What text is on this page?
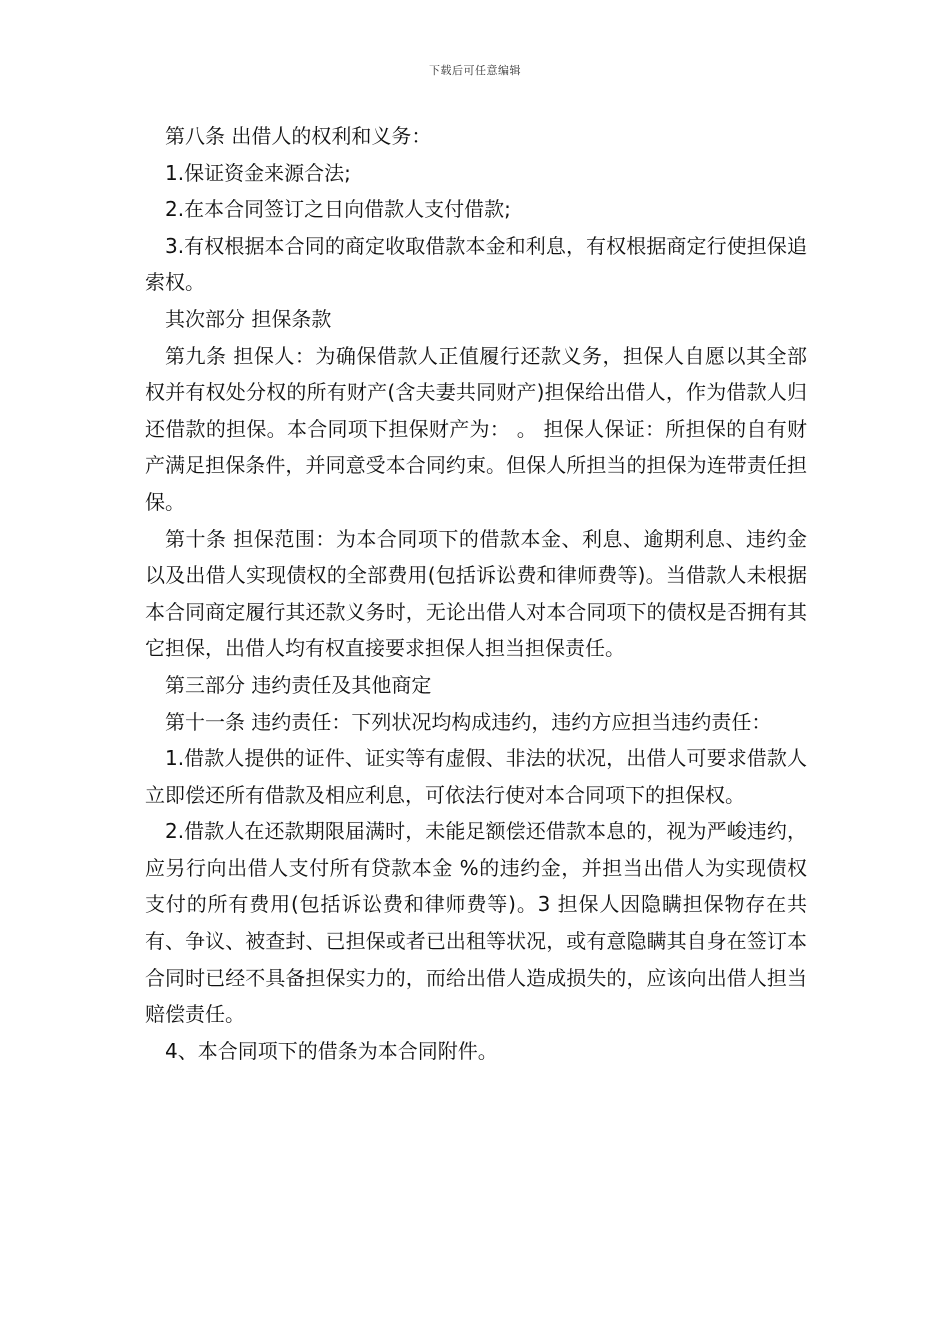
下载后可任意编辑

第八条 出借人的权利和义务：

1.保证资金来源合法;

2.在本合同签订之日向借款人支付借款;

3.有权根据本合同的商定收取借款本金和利息，有权根据商定行使担保追索权。

其次部分 担保条款

第九条 担保人：为确保借款人正值履行还款义务，担保人自愿以其全部权并有权处分权的所有财产(含夫妻共同财产)担保给出借人，作为借款人归还借款的担保。本合同项下担保财产为： 。 担保人保证：所担保的自有财产满足担保条件，并同意受本合同约束。但保人所担当的担保为连带责任担保。

第十条 担保范围：为本合同项下的借款本金、利息、逾期利息、违约金以及出借人实现债权的全部费用(包括诉讼费和律师费等)。当借款人未根据本合同商定履行其还款义务时，无论出借人对本合同项下的债权是否拥有其它担保，出借人均有权直接要求担保人担当担保责任。

第三部分 违约责任及其他商定

第十一条 违约责任：下列状况均构成违约，违约方应担当违约责任：

1.借款人提供的证件、证实等有虚假、非法的状况，出借人可要求借款人立即偿还所有借款及相应利息，可依法行使对本合同项下的担保权。

2.借款人在还款期限届满时，未能足额偿还借款本息的，视为严峻违约，应另行向出借人支付所有贷款本金 %的违约金，并担当出借人为实现债权支付的所有费用(包括诉讼费和律师费等)。3 担保人因隐瞒担保物存在共有、争议、被查封、已担保或者已出租等状况，或有意隐瞒其自身在签订本合同时已经不具备担保实力的，而给出借人造成损失的，应该向出借人担当赔偿责任。

4、本合同项下的借条为本合同附件。
